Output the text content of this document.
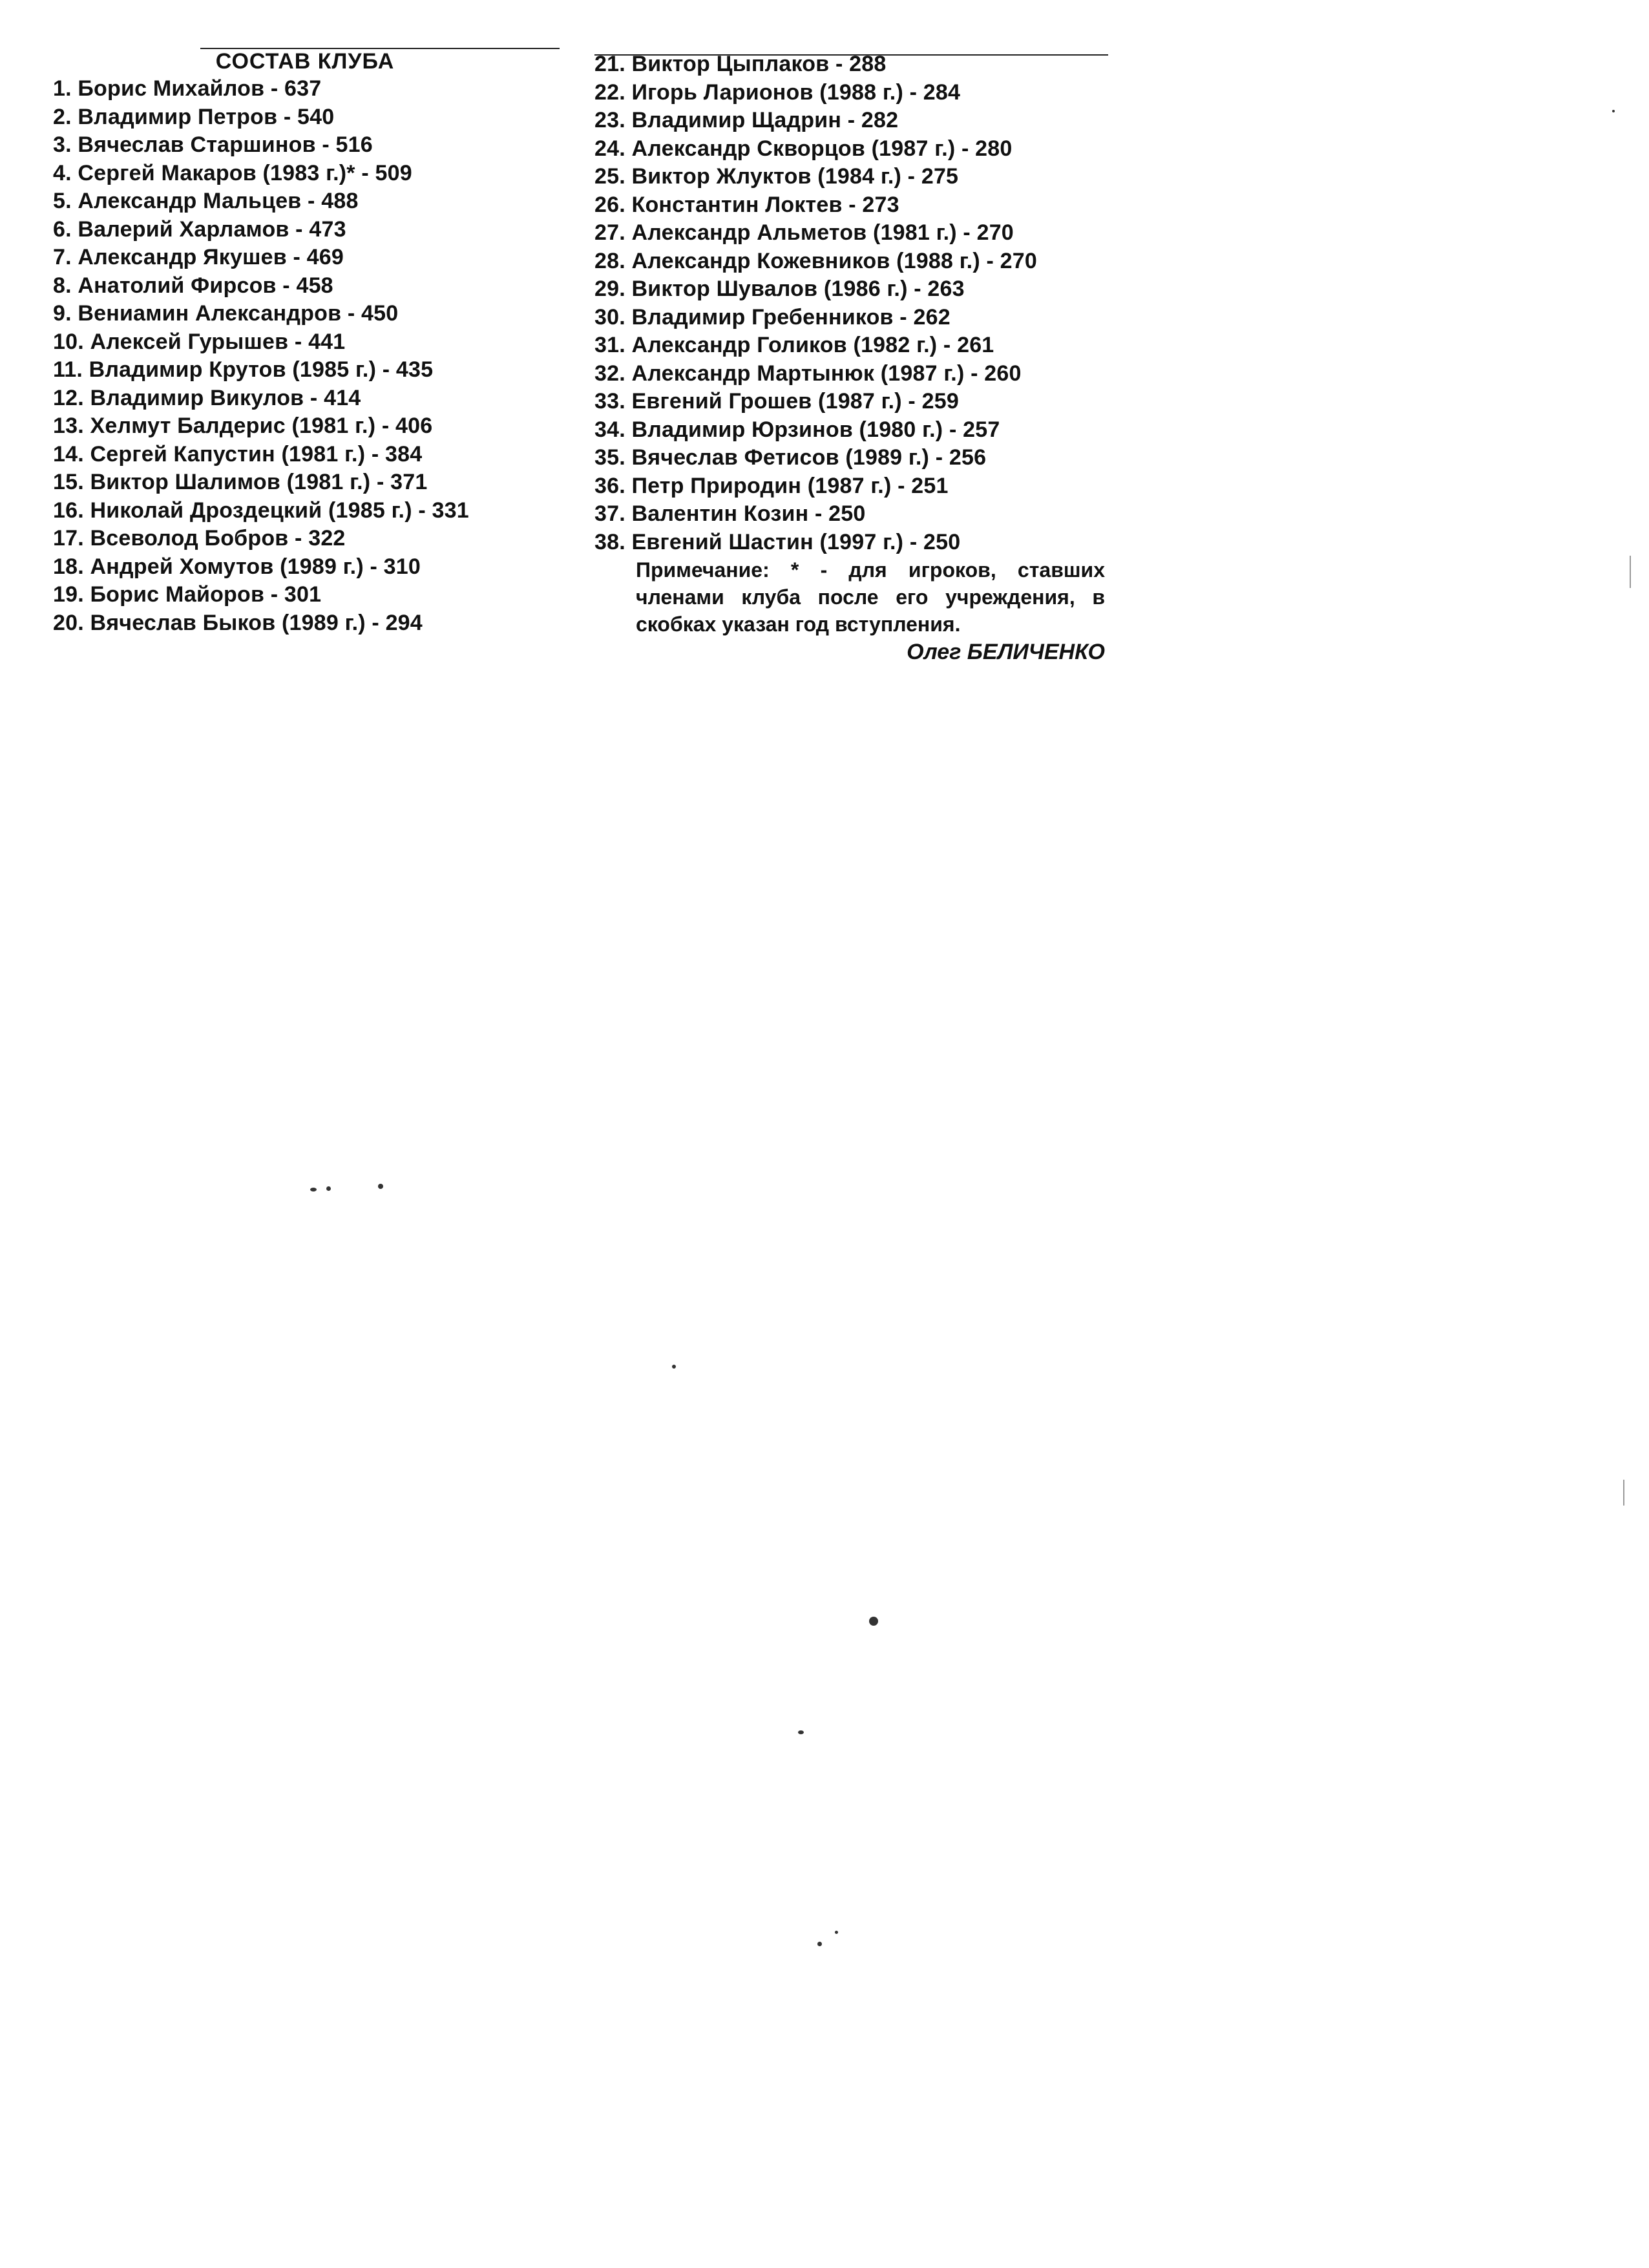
СОСТАВ КЛУБА
1. Борис Михайлов - 637
2. Владимир Петров - 540
3. Вячеслав Старшинов - 516
4. Сергей Макаров (1983 г.)* - 509
5. Александр Мальцев - 488
6. Валерий Харламов - 473
7. Александр Якушев - 469
8. Анатолий Фирсов - 458
9. Вениамин Александров - 450
10. Алексей Гурышев - 441
11. Владимир Крутов (1985 г.) - 435
12. Владимир Викулов - 414
13. Хелмут Балдерис (1981 г.) - 406
14. Сергей Капустин (1981 г.) - 384
15. Виктор Шалимов (1981 г.) - 371
16. Николай Дроздецкий (1985 г.) - 331
17. Всеволод Бобров - 322
18. Андрей Хомутов (1989 г.) - 310
19. Борис Майоров - 301
20. Вячеслав Быков (1989 г.) - 294
21. Виктор Цыплаков - 288
22. Игорь Ларионов (1988 г.) - 284
23. Владимир Щадрин - 282
24. Александр Скворцов (1987 г.) - 280
25. Виктор Жлуктов (1984 г.) - 275
26. Константин Локтев - 273
27. Александр Альметов (1981 г.) - 270
28. Александр Кожевников (1988 г.) - 270
29. Виктор Шувалов (1986 г.) - 263
30. Владимир Гребенников - 262
31. Александр Голиков (1982 г.) - 261
32. Александр Мартынюк (1987 г.) - 260
33. Евгений Грошев (1987 г.) - 259
34. Владимир Юрзинов (1980 г.) - 257
35. Вячеслав Фетисов (1989 г.) - 256
36. Петр Природин (1987 г.) - 251
37. Валентин Козин - 250
38. Евгений Шастин (1997 г.) - 250

Примечание: * - для игроков, ставших членами клуба после его учреждения, в скобках указан год вступления.

Олег БЕЛИЧЕНКО
